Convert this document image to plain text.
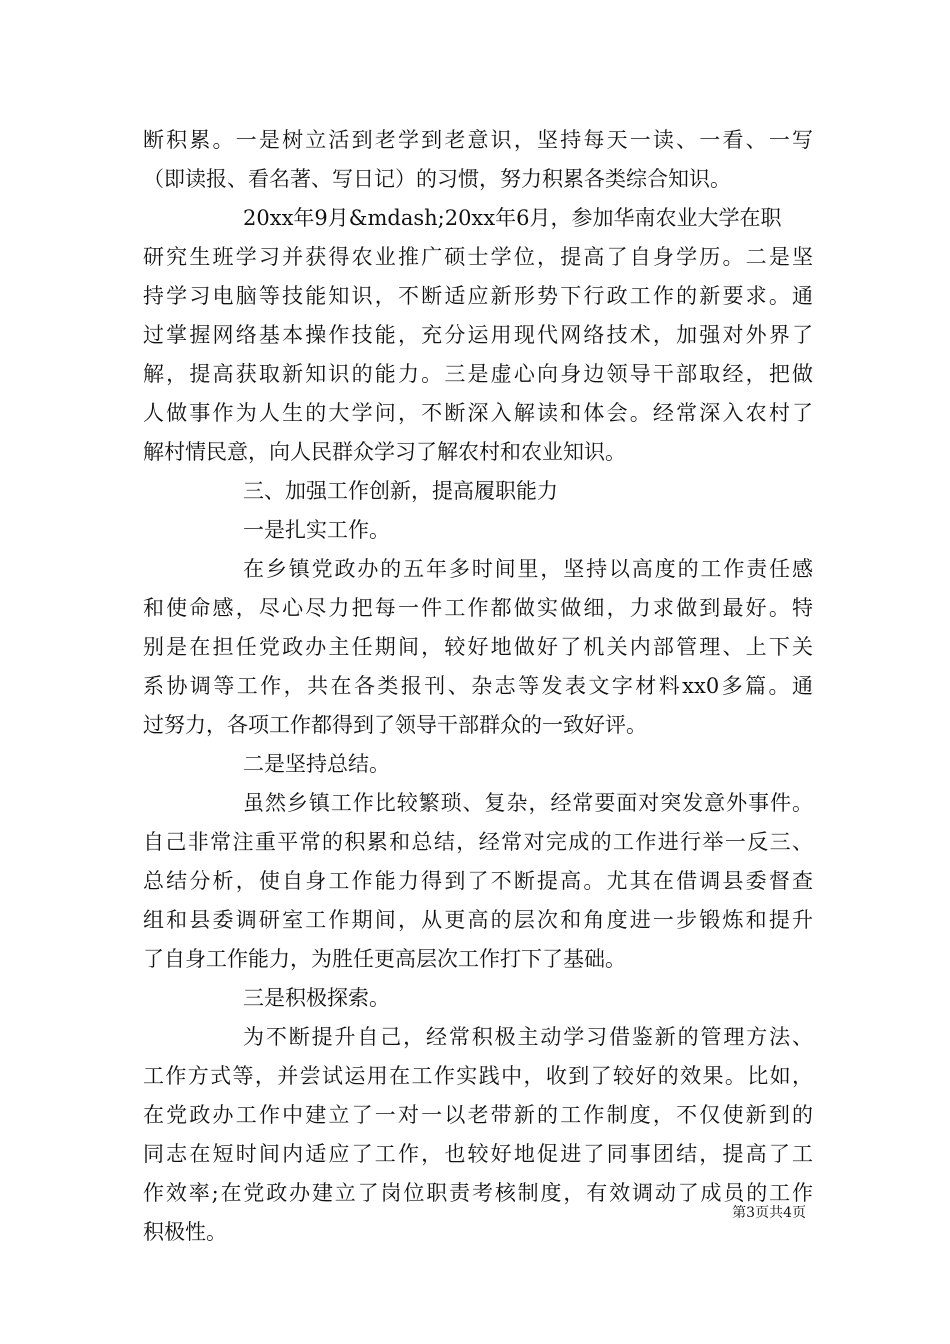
断积累。一是树立活到老学到老意识，坚持每天一读、一看、一写
（即读报、看名著、写日记）的习惯，努力积累各类综合知识。
20xx年9月&mdash;20xx年6月，参加华南农业大学在职
研究生班学习并获得农业推广硕士学位，提高了自身学历。二是坚
持学习电脑等技能知识，不断适应新形势下行政工作的新要求。通
过掌握网络基本操作技能，充分运用现代网络技术，加强对外界了
解，提高获取新知识的能力。三是虚心向身边领导干部取经，把做
人做事作为人生的大学问，不断深入解读和体会。经常深入农村了
解村情民意，向人民群众学习了解农村和农业知识。
三、加强工作创新，提高履职能力
一是扎实工作。
在乡镇党政办的五年多时间里，坚持以高度的工作责任感
和使命感，尽心尽力把每一件工作都做实做细，力求做到最好。特
别是在担任党政办主任期间，较好地做好了机关内部管理、上下关
系协调等工作，共在各类报刊、杂志等发表文字材料xx0多篇。通
过努力，各项工作都得到了领导干部群众的一致好评。
二是坚持总结。
虽然乡镇工作比较繁琐、复杂，经常要面对突发意外事件。
自己非常注重平常的积累和总结，经常对完成的工作进行举一反三、
总结分析，使自身工作能力得到了不断提高。尤其在借调县委督查
组和县委调研室工作期间，从更高的层次和角度进一步锻炼和提升
了自身工作能力，为胜任更高层次工作打下了基础。
三是积极探索。
为不断提升自己，经常积极主动学习借鉴新的管理方法、
工作方式等，并尝试运用在工作实践中，收到了较好的效果。比如，
在党政办工作中建立了一对一以老带新的工作制度，不仅使新到的
同志在短时间内适应了工作，也较好地促进了同事团结，提高了工
作效率;在党政办建立了岗位职责考核制度，有效调动了成员的工作
积极性。
第3页共4页
